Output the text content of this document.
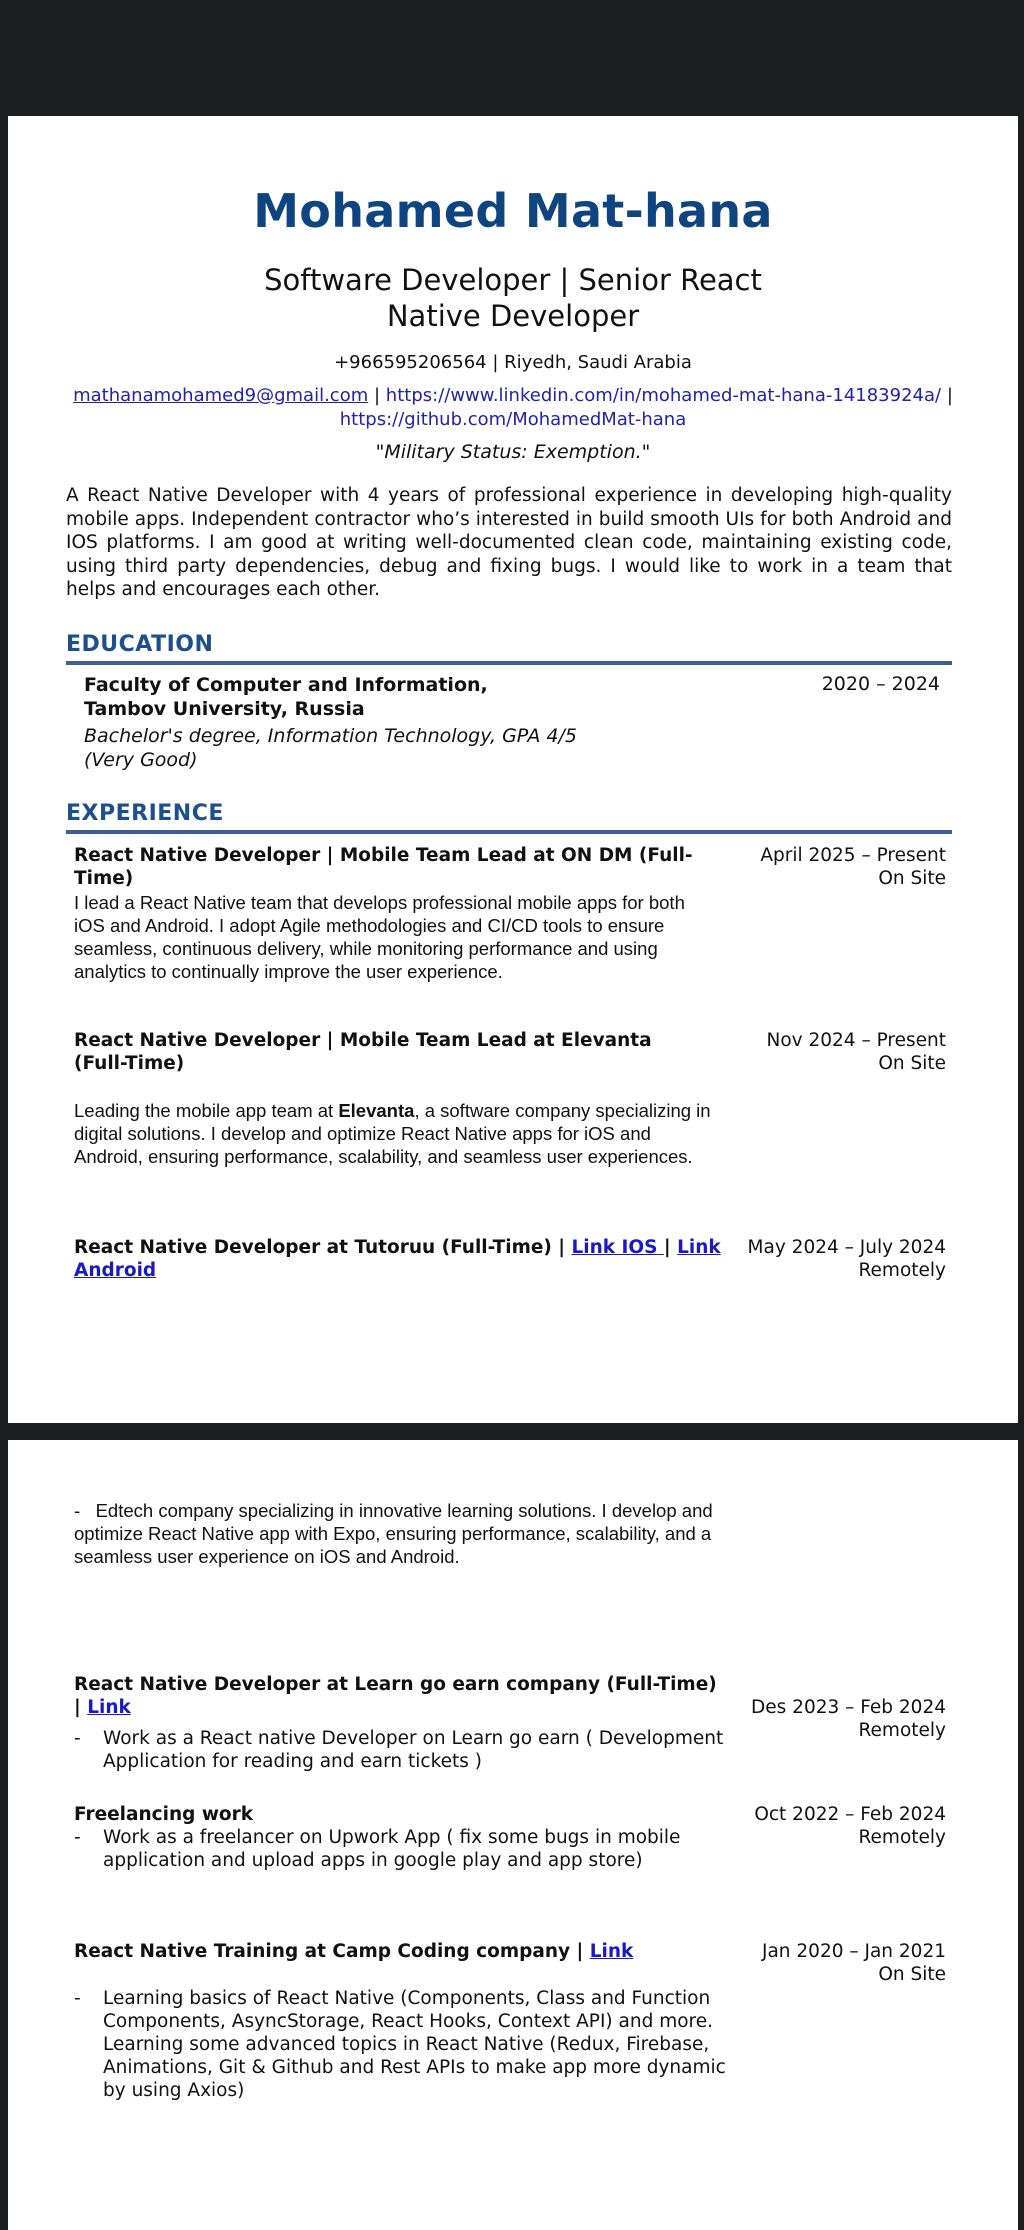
Mohamed Mat-hana
Software Developer | Senior React Native Developer
+966595206564 | Riyedh, Saudi Arabia
mathanamohamed9@gmail.com | https://www.linkedin.com/in/mohamed-mat-hana-14183924a/ |
https://github.com/MohamedMat-hana
"Military Status: Exemption."
A React Native Developer with 4 years of professional experience in developing high-quality mobile apps. Independent contractor who’s interested in build smooth UIs for both Android and IOS platforms. I am good at writing well-documented clean code, maintaining existing code, using third party dependencies, debug and fixing bugs. I would like to work in a team that helps and encourages each other.
EDUCATION
Faculty of Computer and Information, Tambov University, Russia
Bachelor's degree, Information Technology, GPA 4/5 (Very Good)
2020 – 2024
EXPERIENCE
React Native Developer | Mobile Team Lead at ON DM (Full-Time)
April 2025 – Present
On Site
I lead a React Native team that develops professional mobile apps for both iOS and Android. I adopt Agile methodologies and CI/CD tools to ensure seamless, continuous delivery, while monitoring performance and using analytics to continually improve the user experience.
React Native Developer | Mobile Team Lead at Elevanta (Full-Time)
Nov 2024 – Present
On Site
Leading the mobile app team at Elevanta, a software company specializing in digital solutions. I develop and optimize React Native apps for iOS and Android, ensuring performance, scalability, and seamless user experiences.
React Native Developer at Tutoruu (Full-Time) | Link IOS | Link Android
May 2024 – July 2024
Remotely
- Edtech company specializing in innovative learning solutions. I develop and optimize React Native app with Expo, ensuring performance, scalability, and a seamless user experience on iOS and Android.
React Native Developer at Learn go earn company (Full-Time) | Link	Des 2023 – Feb 2024
Remotely
- Work as a React native Developer on Learn go earn ( Development Application for reading and earn tickets )
Freelancing work	Oct 2022 – Feb 2024
Remotely
- Work as a freelancer on Upwork App ( fix some bugs in mobile application and upload apps in google play and app store)
React Native Training at Camp Coding company | Link	Jan 2020 – Jan 2021
On Site
- Learning basics of React Native (Components, Class and Function Components, AsyncStorage, React Hooks, Context API) and more. Learning some advanced topics in React Native (Redux, Firebase, Animations, Git & Github and Rest APIs to make app more dynamic by using Axios)
